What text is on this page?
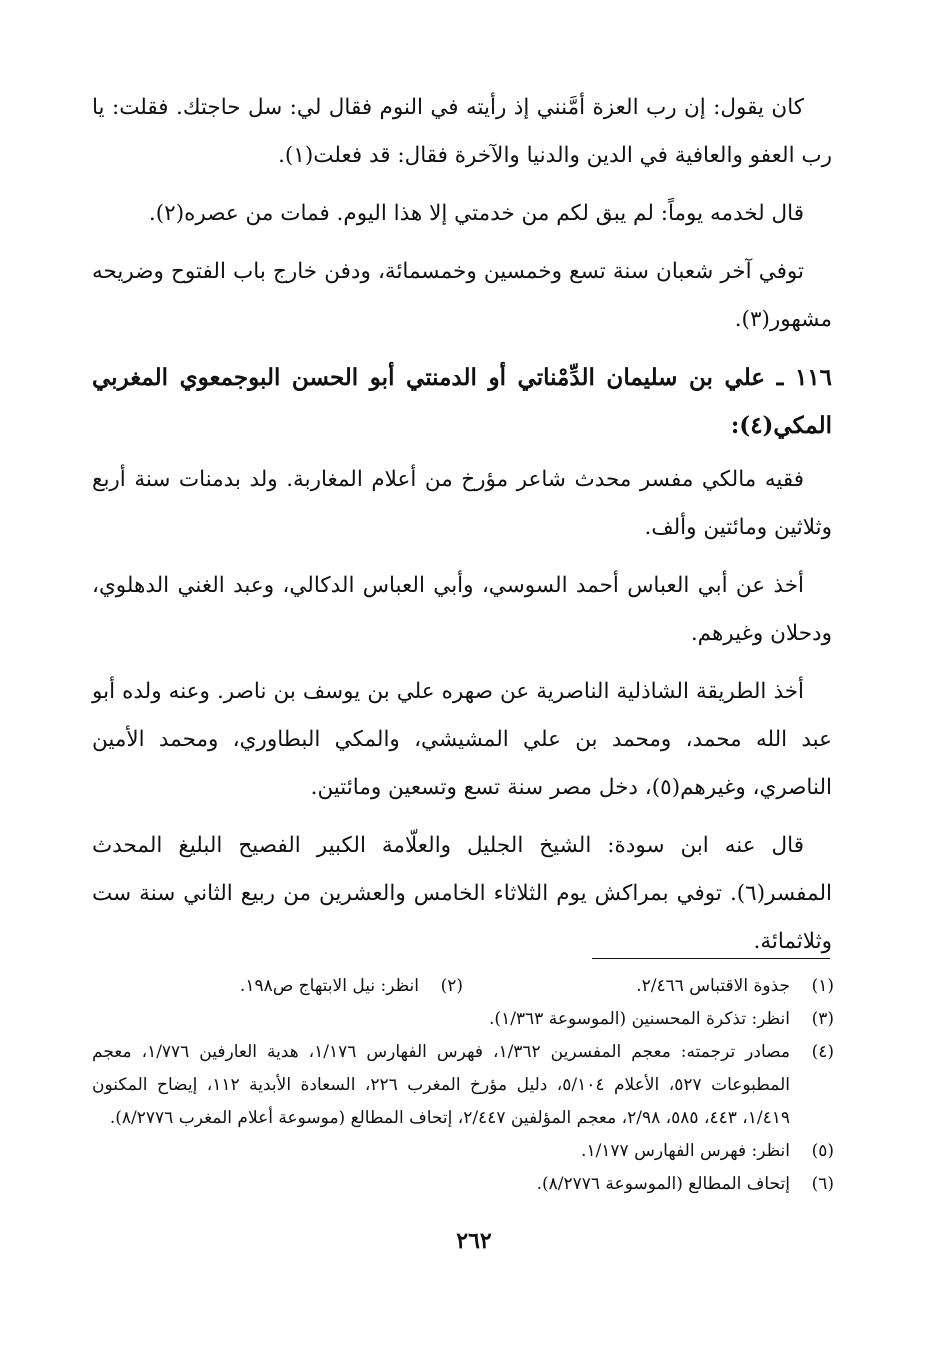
كان يقول: إن رب العزة أمَّنني إذ رأيته في النوم فقال لي: سل حاجتك. فقلت: يا رب العفو والعافية في الدين والدنيا والآخرة فقال: قد فعلت(١).

قال لخدمه يوماً: لم يبق لكم من خدمتي إلا هذا اليوم. فمات من عصره(٢).

توفي آخر شعبان سنة تسع وخمسين وخمسمائة، ودفن خارج باب الفتوح وضريحه مشهور(٣).

١١٦ ـ علي بن سليمان الدِّمْناتي أو الدمنتي أبو الحسن البوجمعوي المغربي المكي(٤):

فقيه مالكي مفسر محدث شاعر مؤرخ من أعلام المغاربة. ولد بدمنات سنة أربع وثلاثين ومائتين وألف.

أخذ عن أبي العباس أحمد السوسي، وأبي العباس الدكالي، وعبد الغني الدهلوي، ودحلان وغيرهم.

أخذ الطريقة الشاذلية الناصرية عن صهره علي بن يوسف بن ناصر. وعنه ولده أبو عبد الله محمد، ومحمد بن علي المشيشي، والمكي البطاوري، ومحمد الأمين الناصري، وغيرهم(٥)، دخل مصر سنة تسع وتسعين ومائتين.

قال عنه ابن سودة: الشيخ الجليل والعلّامة الكبير الفصيح البليغ المحدث المفسر(٦). توفي بمراكش يوم الثلاثاء الخامس والعشرين من ربيع الثاني سنة ست وثلاثمائة.

(١)
جذوة الاقتباس ٢/٤٦٦.

(٢)
انظر: نيل الابتهاج ص١٩٨.

(٣)
انظر: تذكرة المحسنين (الموسوعة ١/٣٦٣).

(٤)
مصادر ترجمته: معجم المفسرين ١/٣٦٢، فهرس الفهارس ١/١٧٦، هدية العارفين ١/٧٧٦، معجم المطبوعات ٥٢٧، الأعلام ٥/١٠٤، دليل مؤرخ المغرب ٢٢٦، السعادة الأبدية ١١٢، إيضاح المكنون ١/٤١٩، ٤٤٣، ٥٨٥، ٢/٩٨، معجم المؤلفين ٢/٤٤٧، إتحاف المطالع (موسوعة أعلام المغرب ٨/٢٧٧٦).

(٥)
انظر: فهرس الفهارس ١/١٧٧.

(٦)
إتحاف المطالع (الموسوعة ٨/٢٧٧٦).

٢٦٢
